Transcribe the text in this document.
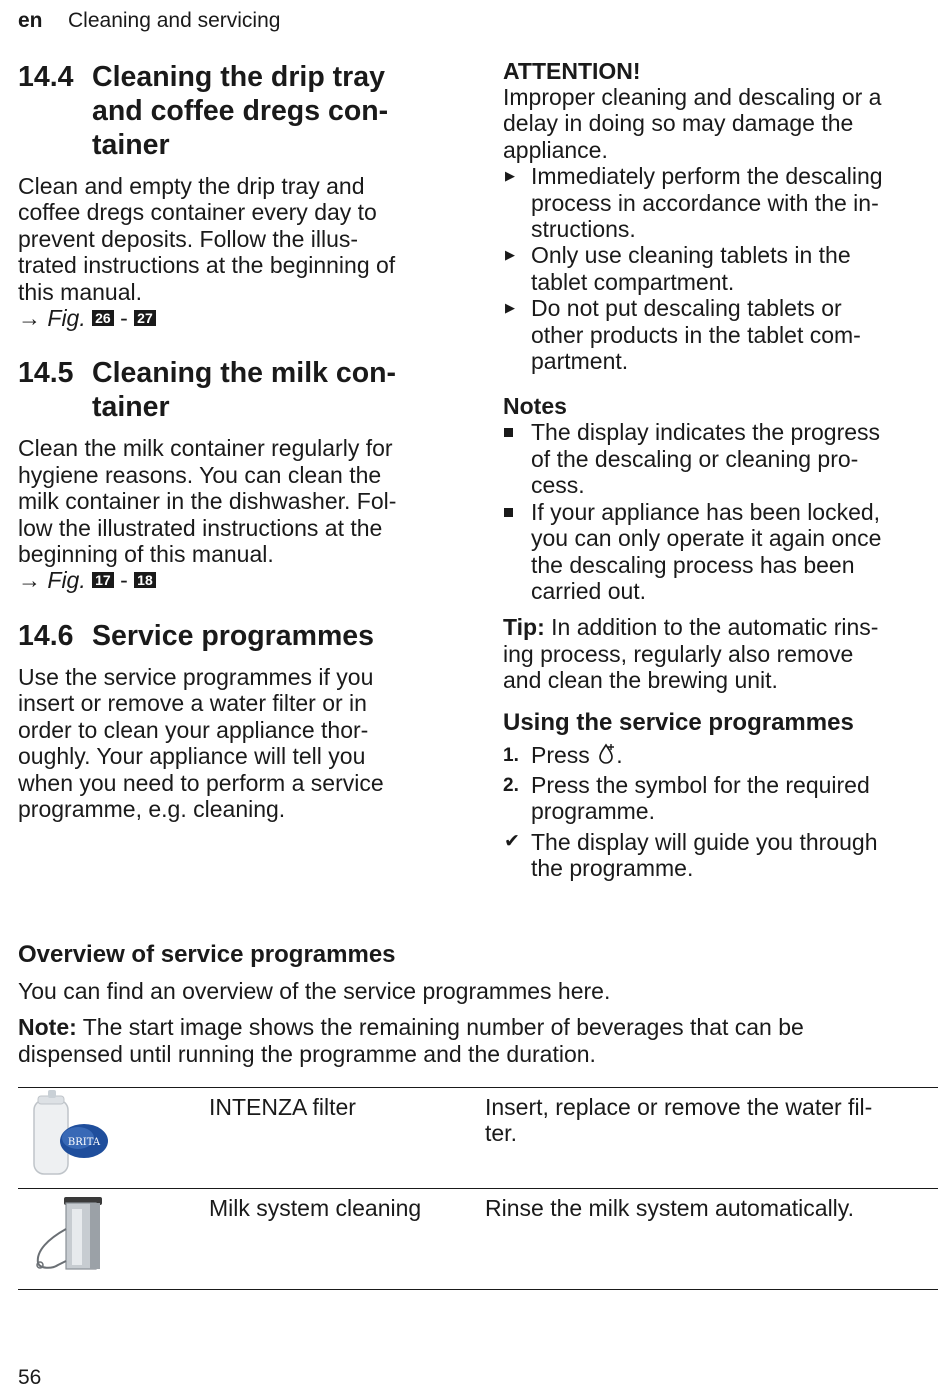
en Cleaning and servicing
14.4 Cleaning the drip tray
and coffee dregs con-
tainer

Clean and empty the drip tray and
coffee dregs container every day to
prevent deposits. Follow the illus-
trated instructions at the beginning of
this manual.

→ Fig. 26 - 27
14.5 Cleaning the milk con-
tainer

Clean the milk container regularly for
hygiene reasons. You can clean the
milk container in the dishwasher. Fol-
low the illustrated instructions at the
beginning of this manual.

→ Fig. 17 - 18
14.6 Service programmes

Use the service programmes if you
insert or remove a water filter or in
order to clean your appliance thor-
oughly. Your appliance will tell you
when you need to perform a service
programme, e.g. cleaning.

ATTENTION!

Improper cleaning and descaling or a
delay in doing so may damage the
appliance.

▶ Immediately perform the descaling
process in accordance with the in-
structions.
▶ Only use cleaning tablets in the
tablet compartment.
▶ Do not put descaling tablets or
other products in the tablet com-
partment.
Notes
The display indicates the progress
of the descaling or cleaning pro-
cess.
If your appliance has been locked,
you can only operate it again once
the descaling process has been
carried out.

Tip: In addition to the automatic rins-
ing process, regularly also remove
and clean the brewing unit.

Using the service programmes
1. Press .
2. Press the symbol for the required
programme.
✔ The display will guide you through
the programme.
Overview of service programmes

You can find an overview of the service programmes here.

Note: The start image shows the remaining number of beverages that can be
dispensed until running the programme and the duration.

BRITA	INTENZA filter	Insert, replace or remove the water fil-
ter.
	Milk system cleaning	Rinse the milk system automatically.
56
